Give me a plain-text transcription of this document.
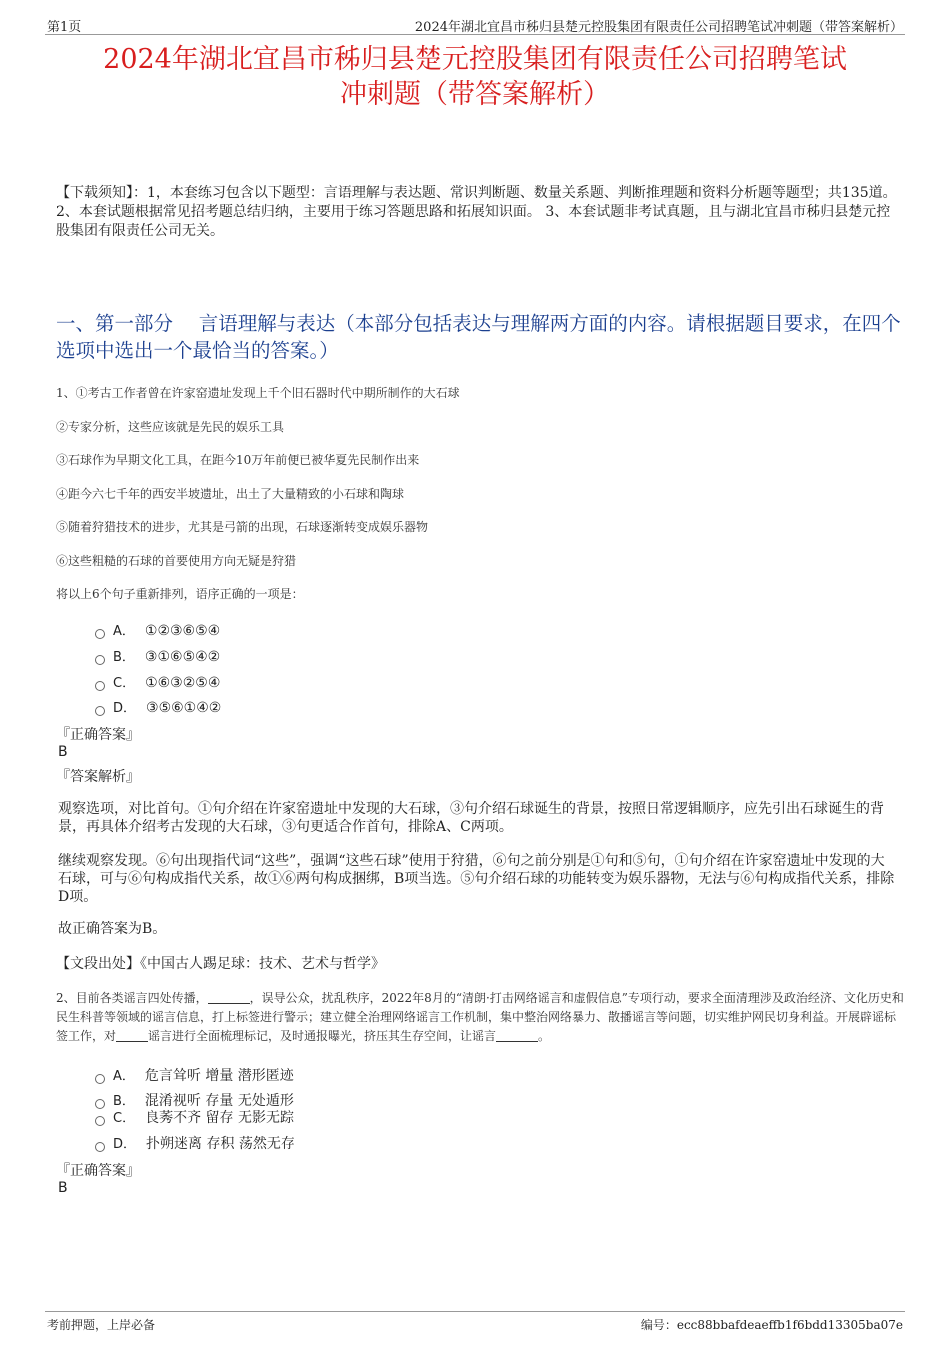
第1页	2024年湖北宜昌市秭归县楚元控股集团有限责任公司招聘笔试冲刺题（带答案解析）
2024年湖北宜昌市秭归县楚元控股集团有限责任公司招聘笔试
冲刺题（带答案解析）
【下载须知】：1，本套练习包含以下题型：言语理解与表达题、常识判断题、数量关系题、判断推理题和资料分析题等题型；共135道。 2、本套试题根据常见招考题总结归纳，主要用于练习答题思路和拓展知识面。 3、本套试题非考试真题，且与湖北宜昌市秭归县楚元控股集团有限责任公司无关。
一、第一部分　 言语理解与表达（本部分包括表达与理解两方面的内容。请根据题目要求，在四个选项中选出一个最恰当的答案。）
1、①考古工作者曾在许家窑遗址发现上千个旧石器时代中期所制作的大石球
②专家分析，这些应该就是先民的娱乐工具
③石球作为早期文化工具，在距今10万年前便已被华夏先民制作出来
④距今六七千年的西安半坡遗址，出土了大量精致的小石球和陶球
⑤随着狩猎技术的进步，尤其是弓箭的出现，石球逐渐转变成娱乐器物
⑥这些粗糙的石球的首要使用方向无疑是狩猎
将以上6个句子重新排列，语序正确的一项是：
A． ①②③⑥⑤④
B． ③①⑥⑤④②
C． ①⑥③②⑤④
D． ③⑤⑥①④②
『正确答案』
B
『答案解析』
观察选项，对比首句。①句介绍在许家窑遗址中发现的大石球，③句介绍石球诞生的背景，按照日常逻辑顺序，应先引出石球诞生的背景，再具体介绍考古发现的大石球，③句更适合作首句，排除A、C两项。
继续观察发现。⑥句出现指代词“这些”，强调“这些石球”使用于狩猎，⑥句之前分别是①句和⑤句，①句介绍在许家窑遗址中发现的大石球，可与⑥句构成指代关系，故①⑥两句构成捆绑，B项当选。⑤句介绍石球的功能转变为娱乐器物，无法与⑥句构成指代关系，排除D项。
故正确答案为B。
【文段出处】《中国古人踢足球：技术、艺术与哲学》
2、目前各类谣言四处传播，	，误导公众，扰乱秩序，2022年8月的“清朗·打击网络谣言和虚假信息”专项行动，要求全面清理涉及政治经济、文化历史和民生科普等领域的谣言信息，打上标签进行警示；建立健全治理网络谣言工作机制，集中整治网络暴力、散播谣言等问题，切实维护网民切身利益。开展辟谣标签工作，对	谣言进行全面梳理标记，及时通报曝光，挤压其生存空间，让谣言	。
A． 危言耸听 增量 潜形匿迹
B． 混淆视听 存量 无处遁形
C． 良莠不齐 留存 无影无踪
D． 扑朔迷离 存积 荡然无存
『正确答案』
B
考前押题，上岸必备	编号：ecc88bbafdeaeffb1f6bdd13305ba07e
